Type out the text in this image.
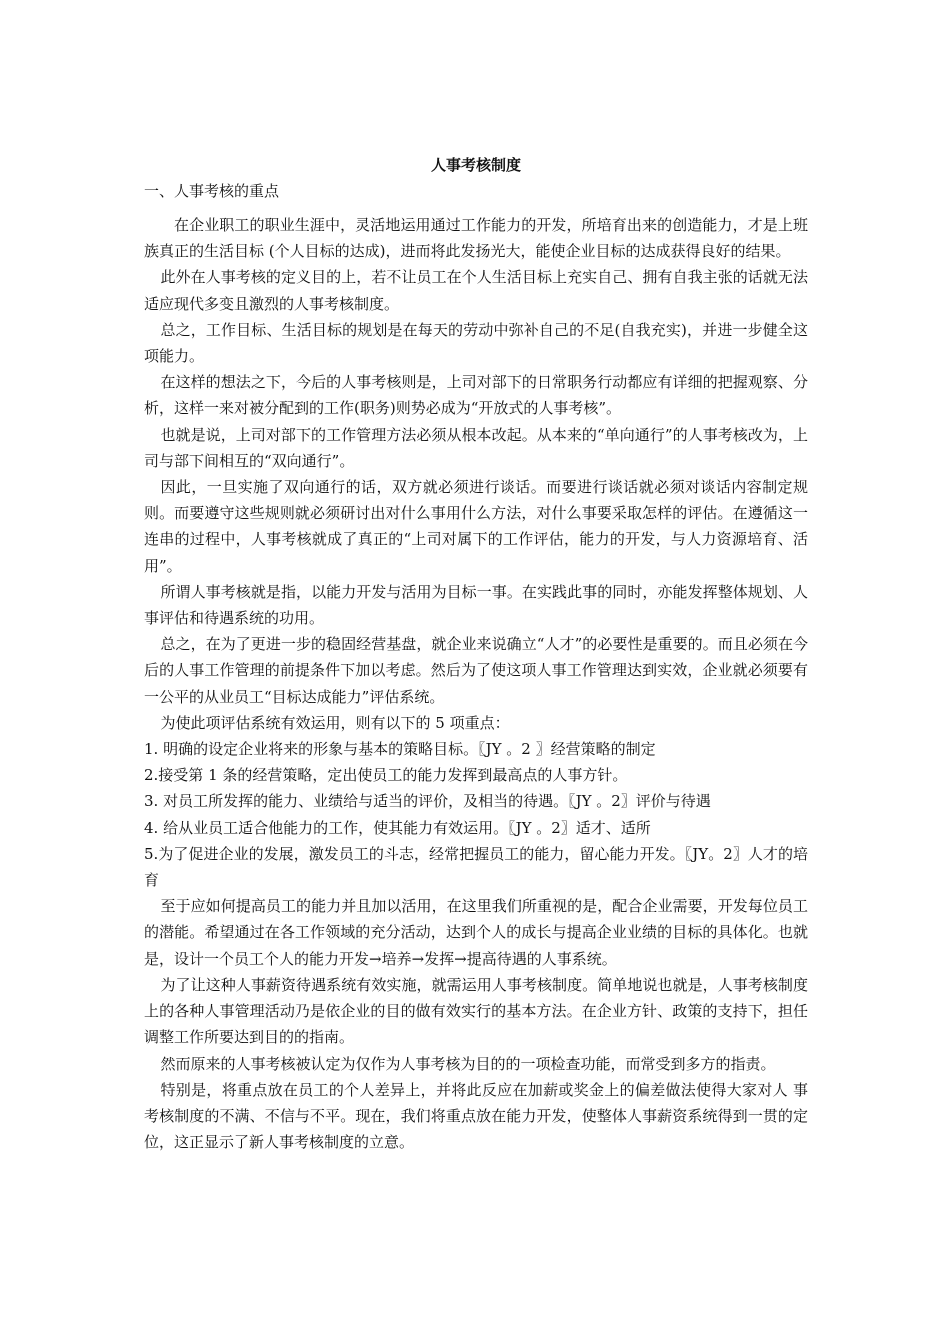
人事考核制度
一、人事考核的重点

在企业职工的职业生涯中，灵活地运用通过工作能力的开发，所培育出来的创造能力，才是上班族真正的生活目标 (个人目标的达成)，进而将此发扬光大，能使企业目标的达成获得良好的结果。

此外在人事考核的定义目的上，若不让员工在个人生活目标上充实自己、拥有自我主张的话就无法适应现代多变且激烈的人事考核制度。

总之，工作目标、生活目标的规划是在每天的劳动中弥补自己的不足(自我充实)，并进一步健全这项能力。

在这样的想法之下，今后的人事考核则是，上司对部下的日常职务行动都应有详细的把握观察、分析，这样一来对被分配到的工作(职务)则势必成为“开放式的人事考核”。

也就是说，上司对部下的工作管理方法必须从根本改起。从本来的“单向通行”的人事考核改为，上司与部下间相互的“双向通行”。

因此，一旦实施了双向通行的话，双方就必须进行谈话。而要进行谈话就必须对谈话内容制定规则。而要遵守这些规则就必须研讨出对什么事用什么方法，对什么事要采取怎样的评估。在遵循这一连串的过程中，人事考核就成了真正的“上司对属下的工作评估，能力的开发，与人力资源培育、活用”。

所谓人事考核就是指，以能力开发与活用为目标一事。在实践此事的同时，亦能发挥整体规划、人事评估和待遇系统的功用。

总之，在为了更进一步的稳固经营基盘，就企业来说确立“人才”的必要性是重要的。而且必须在今后的人事工作管理的前提条件下加以考虑。然后为了使这项人事工作管理达到实效，企业就必须要有一公平的从业员工“目标达成能力”评估系统。

为使此项评估系统有效运用，则有以下的 5 项重点：

1. 明确的设定企业将来的形象与基本的策略目标。〖JY 。2 〗经营策略的制定

2.接受第 1 条的经营策略，定出使员工的能力发挥到最高点的人事方针。

3. 对员工所发挥的能力、业绩给与适当的评价，及相当的待遇。〖JY 。2〗评价与待遇

4. 给从业员工适合他能力的工作，使其能力有效运用。〖JY 。2〗适才、适所

5.为了促进企业的发展，激发员工的斗志，经常把握员工的能力，留心能力开发。〖JY。2〗人才的培育

至于应如何提高员工的能力并且加以活用，在这里我们所重视的是，配合企业需要，开发每位员工的潜能。希望通过在各工作领域的充分活动，达到个人的成长与提高企业业绩的目标的具体化。也就是，设计一个员工个人的能力开发→培养→发挥→提高待遇的人事系统。

为了让这种人事薪资待遇系统有效实施，就需运用人事考核制度。简单地说也就是，人事考核制度上的各种人事管理活动乃是依企业的目的做有效实行的基本方法。在企业方针、政策的支持下，担任调整工作所要达到目的的指南。

然而原来的人事考核被认定为仅作为人事考核为目的的一项检查功能，而常受到多方的指责。

特别是，将重点放在员工的个人差异上，并将此反应在加薪或奖金上的偏差做法使得大家对人 事考核制度的不满、不信与不平。现在，我们将重点放在能力开发，使整体人事薪资系统得到一贯的定位，这正显示了新人事考核制度的立意。
